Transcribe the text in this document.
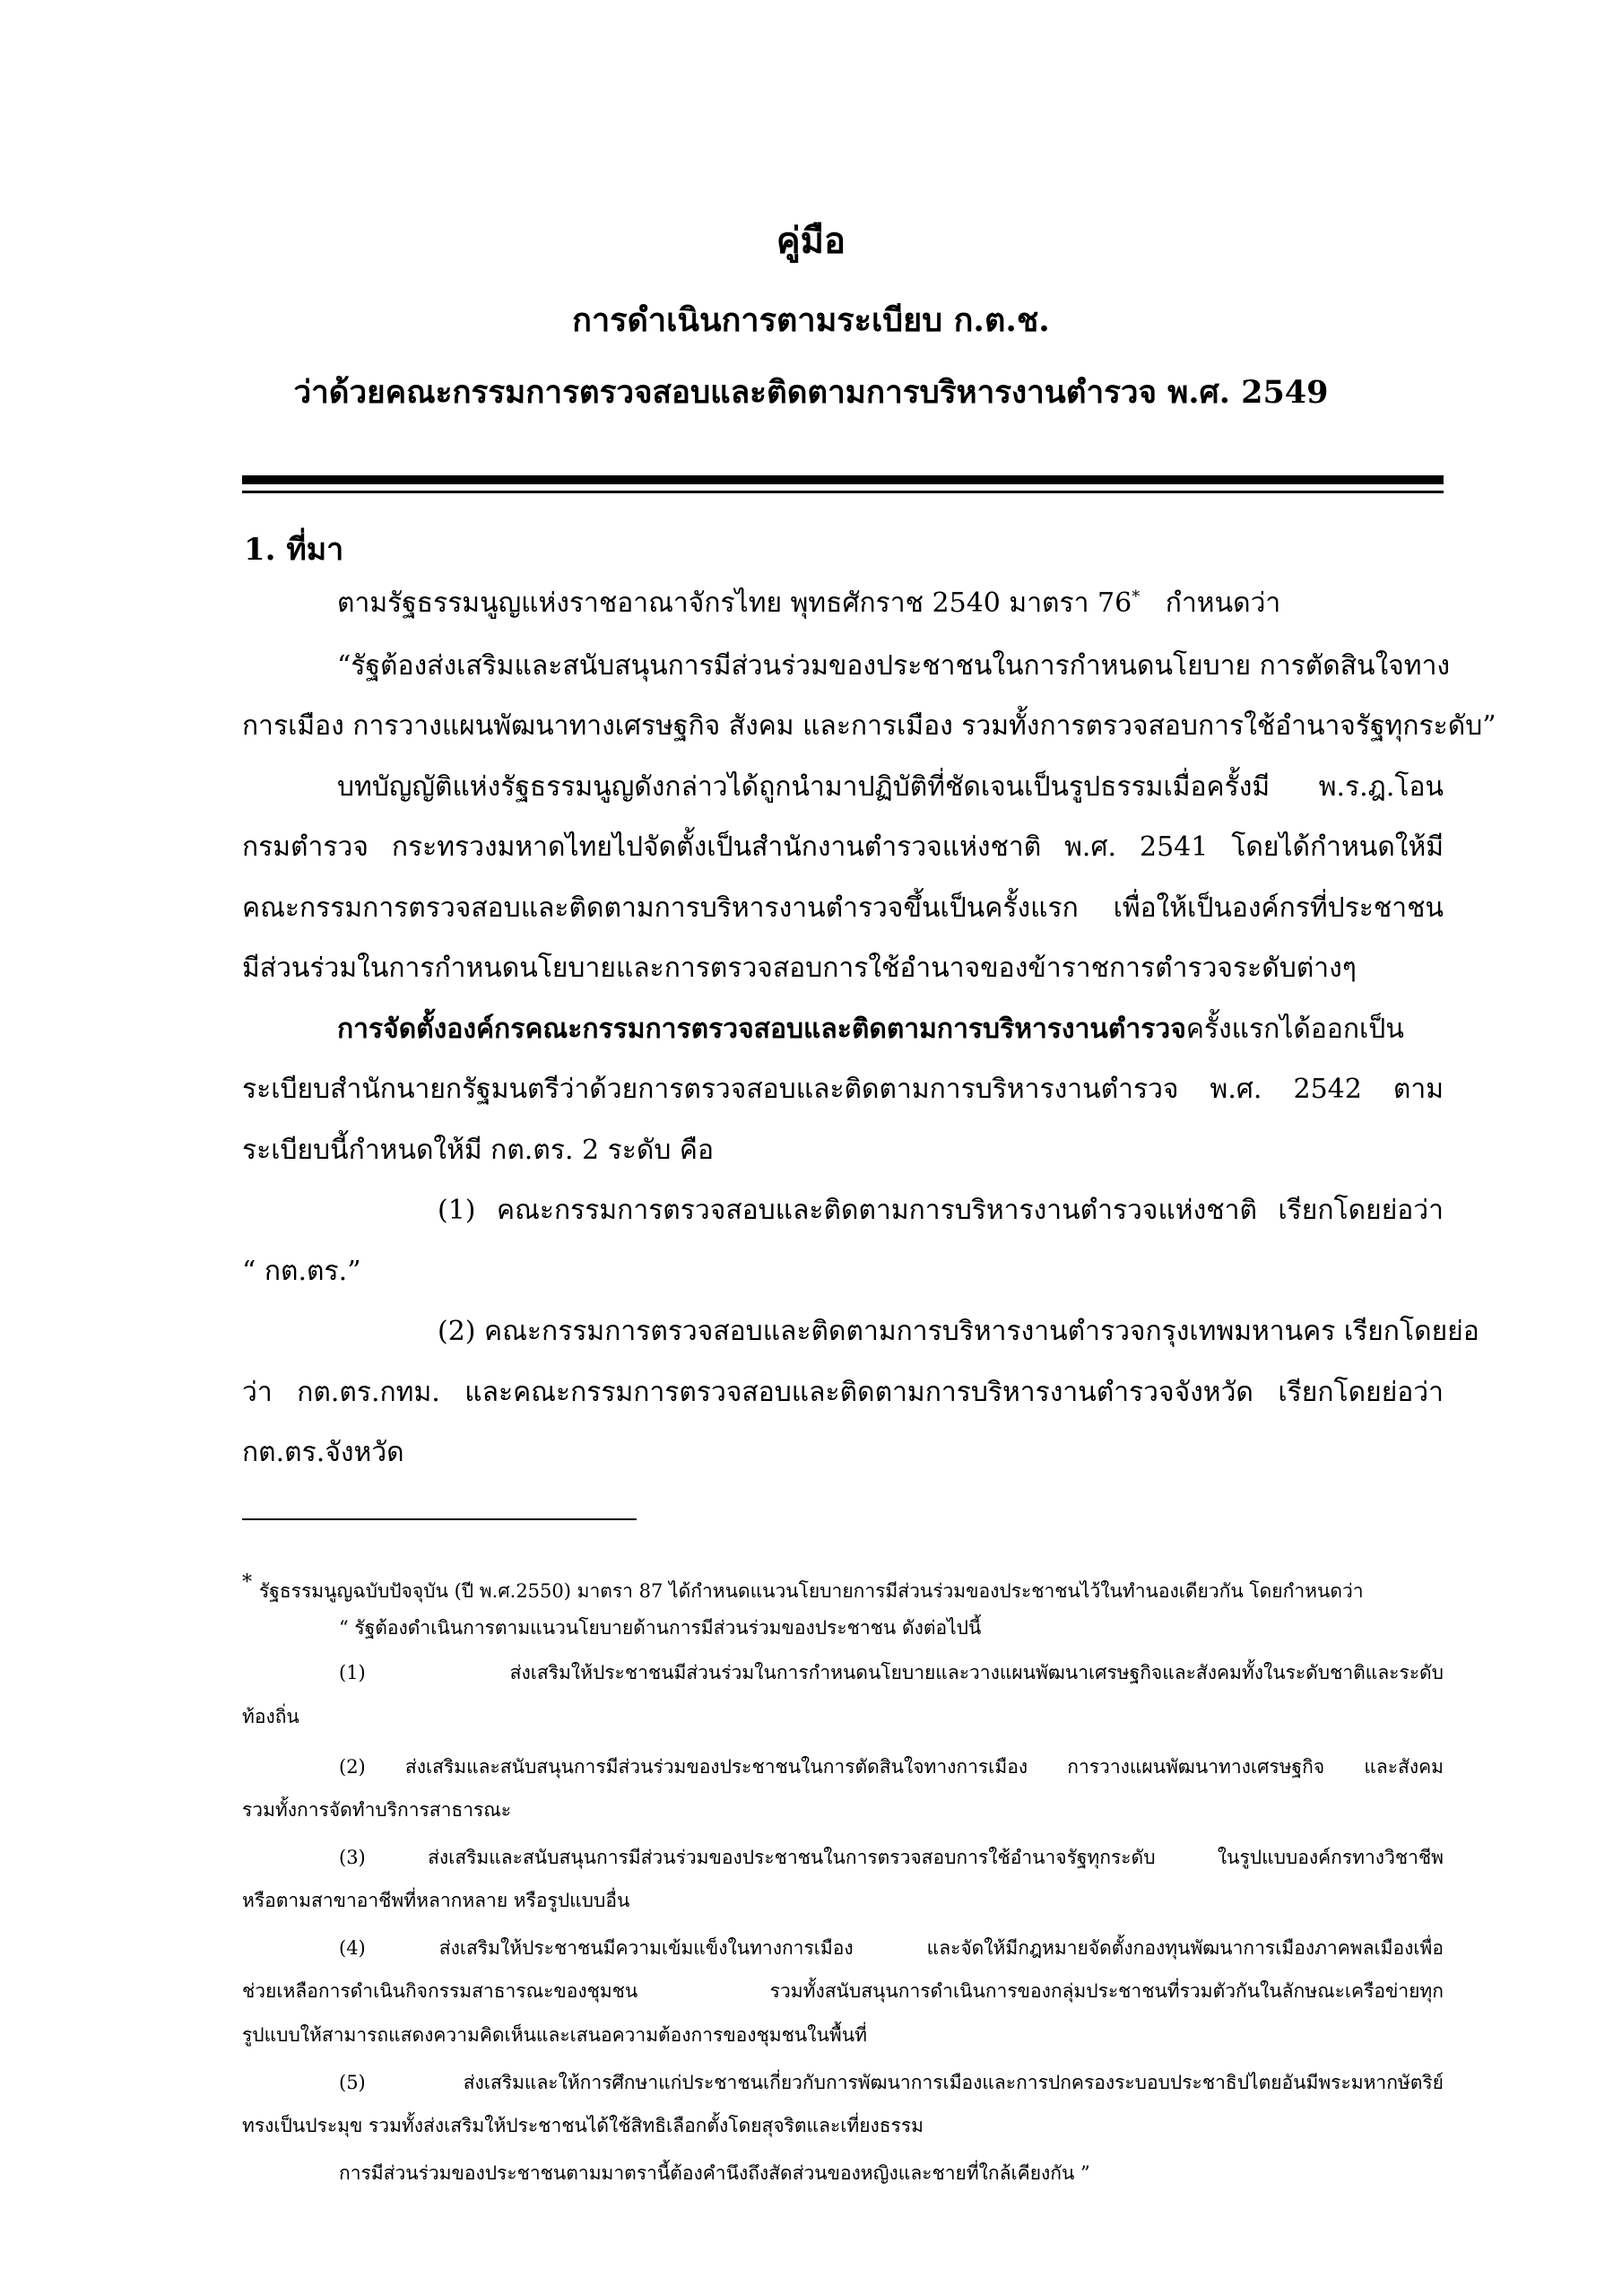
คู่มือ
การดำเนินการตามระเบียบ ก.ต.ช.
ว่าด้วยคณะกรรมการตรวจสอบและติดตามการบริหารงานตำรวจ พ.ศ. 2549
1. ที่มา
ตามรัฐธรรมนูญแห่งราชอาณาจักรไทย พุทธศักราช 2540 มาตรา 76* กำหนดว่า
“รัฐต้องส่งเสริมและสนับสนุนการมีส่วนร่วมของประชาชนในการกำหนดนโยบาย การตัดสินใจทาง
การเมือง การวางแผนพัฒนาทางเศรษฐกิจ สังคม และการเมือง รวมทั้งการตรวจสอบการใช้อำนาจรัฐทุกระดับ”
บทบัญญัติแห่งรัฐธรรมนูญดังกล่าวได้ถูกนำมาปฏิบัติที่ชัดเจนเป็นรูปธรรมเมื่อครั้งมี พ.ร.ฎ.โอน
กรมตำรวจ กระทรวงมหาดไทยไปจัดตั้งเป็นสำนักงานตำรวจแห่งชาติ พ.ศ. 2541 โดยได้กำหนดให้มี
คณะกรรมการตรวจสอบและติดตามการบริหารงานตำรวจขึ้นเป็นครั้งแรก เพื่อให้เป็นองค์กรที่ประชาชน
มีส่วนร่วมในการกำหนดนโยบายและการตรวจสอบการใช้อำนาจของข้าราชการตำรวจระดับต่างๆ
การจัดตั้งองค์กรคณะกรรมการตรวจสอบและติดตามการบริหารงานตำรวจครั้งแรกได้ออกเป็น
ระเบียบสำนักนายกรัฐมนตรีว่าด้วยการตรวจสอบและติดตามการบริหารงานตำรวจ พ.ศ. 2542 ตาม
ระเบียบนี้กำหนดให้มี กต.ตร. 2 ระดับ คือ
(1) คณะกรรมการตรวจสอบและติดตามการบริหารงานตำรวจแห่งชาติ เรียกโดยย่อว่า
“ กต.ตร.”
(2) คณะกรรมการตรวจสอบและติดตามการบริหารงานตำรวจกรุงเทพมหานคร เรียกโดยย่อ
ว่า กต.ตร.กทม. และคณะกรรมการตรวจสอบและติดตามการบริหารงานตำรวจจังหวัด เรียกโดยย่อว่า
กต.ตร.จังหวัด
* รัฐธรรมนูญฉบับปัจจุบัน (ปี พ.ศ.2550) มาตรา 87 ได้กำหนดแนวนโยบายการมีส่วนร่วมของประชาชนไว้ในทำนองเดียวกัน โดยกำหนดว่า
“ รัฐต้องดำเนินการตามแนวนโยบายด้านการมีส่วนร่วมของประชาชน ดังต่อไปนี้
(1) ส่งเสริมให้ประชาชนมีส่วนร่วมในการกำหนดนโยบายและวางแผนพัฒนาเศรษฐกิจและสังคมทั้งในระดับชาติและระดับ
ท้องถิ่น
(2) ส่งเสริมและสนับสนุนการมีส่วนร่วมของประชาชนในการตัดสินใจทางการเมือง การวางแผนพัฒนาทางเศรษฐกิจ และสังคม
รวมทั้งการจัดทำบริการสาธารณะ
(3) ส่งเสริมและสนับสนุนการมีส่วนร่วมของประชาชนในการตรวจสอบการใช้อำนาจรัฐทุกระดับ ในรูปแบบองค์กรทางวิชาชีพ
หรือตามสาขาอาชีพที่หลากหลาย หรือรูปแบบอื่น
(4) ส่งเสริมให้ประชาชนมีความเข้มแข็งในทางการเมือง และจัดให้มีกฎหมายจัดตั้งกองทุนพัฒนาการเมืองภาคพลเมืองเพื่อ
ช่วยเหลือการดำเนินกิจกรรมสาธารณะของชุมชน รวมทั้งสนับสนุนการดำเนินการของกลุ่มประชาชนที่รวมตัวกันในลักษณะเครือข่ายทุก
รูปแบบให้สามารถแสดงความคิดเห็นและเสนอความต้องการของชุมชนในพื้นที่
(5) ส่งเสริมและให้การศึกษาแก่ประชาชนเกี่ยวกับการพัฒนาการเมืองและการปกครองระบอบประชาธิปไตยอันมีพระมหากษัตริย์
ทรงเป็นประมุข รวมทั้งส่งเสริมให้ประชาชนได้ใช้สิทธิเลือกตั้งโดยสุจริตและเที่ยงธรรม
การมีส่วนร่วมของประชาชนตามมาตรานี้ต้องคำนึงถึงสัดส่วนของหญิงและชายที่ใกล้เคียงกัน ”
